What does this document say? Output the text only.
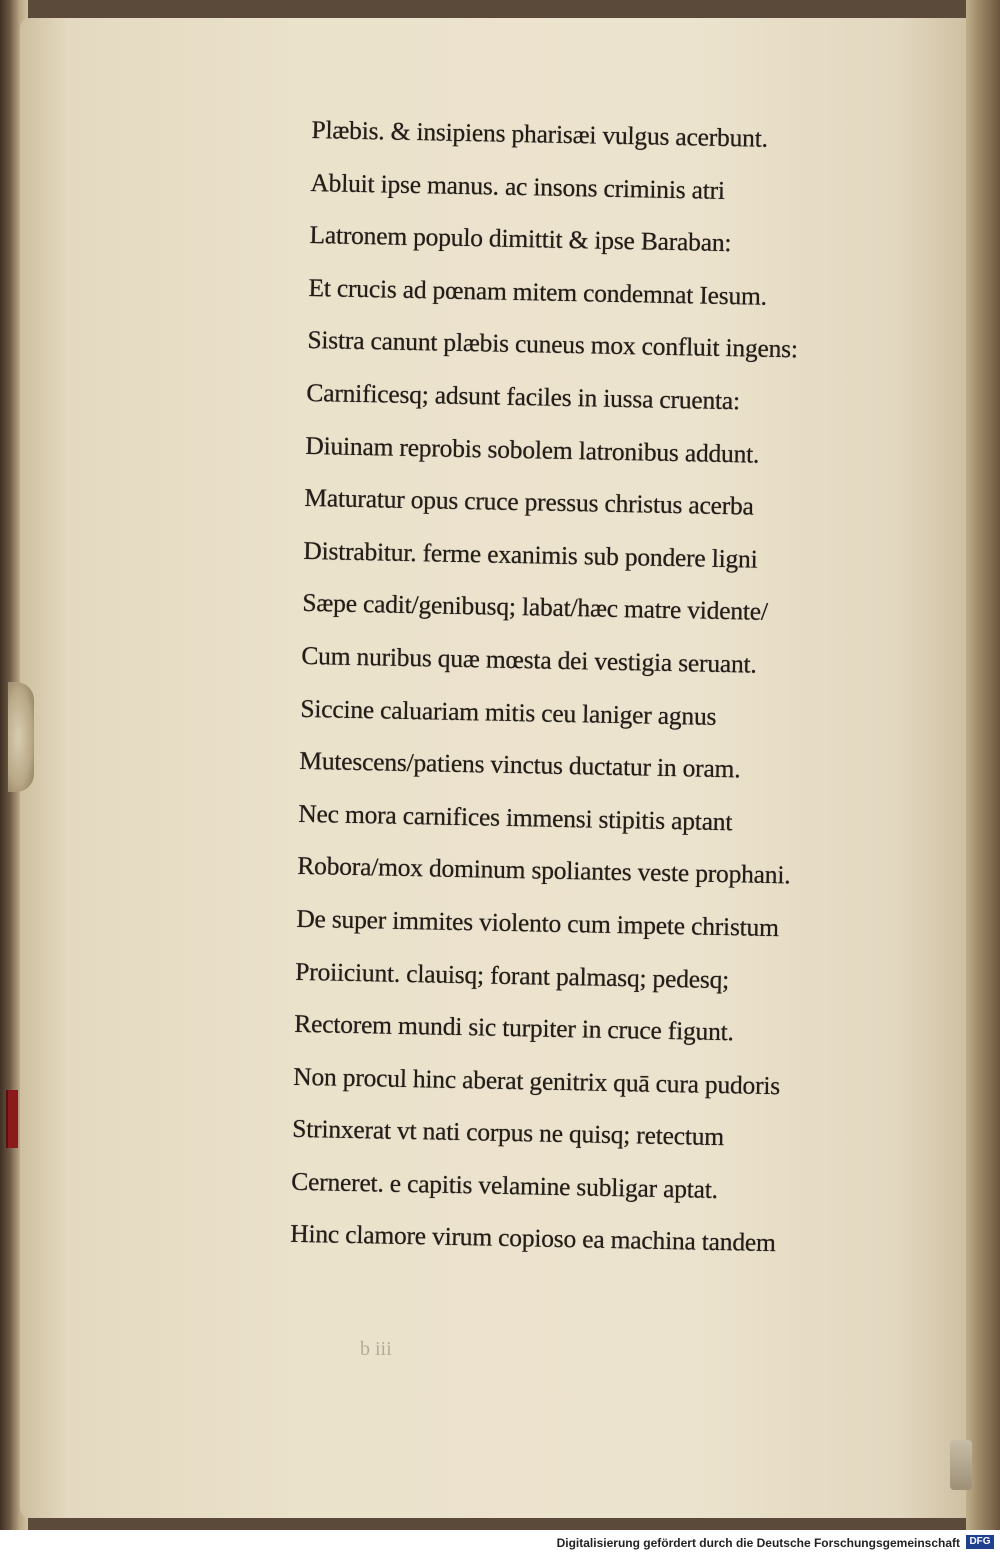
Plæbis. & insipiens pharisæi vulgus acerbunt.
Abluit ipse manus. ac insons criminis atri
Latronem populo dimittit & ipse Baraban:
Et crucis ad pœnam mitem condemnat Iesum.
Sistra canunt plæbis cuneus mox confluit ingens:
Carnificesq; adsunt faciles in iussa cruenta:
Diuinam reprobis sobolem latronibus addunt.
Maturatur opus cruce pressus christus acerba
Distrabitur. ferme exanimis sub pondere ligni
Sæpe cadit/genibusq; labat/hæc matre vidente/
Cum nuribus quæ mœsta dei vestigia seruant.
Siccine caluariam mitis ceu laniger agnus
Mutescens/patiens vinctus ductatur in oram.
Nec mora carnifices immensi stipitis aptant
Robora/mox dominum spoliantes veste prophani.
De super immites violento cum impete christum
Proiiciunt. clauisq; forant palmasq; pedesq;
Rectorem mundi sic turpiter in cruce figunt.
Non procul hinc aberat genitrix quā cura pudoris
Strinxerat vt nati corpus ne quisq; retectum
Cerneret. e capitis velamine subligar aptat.
Hinc clamore virum copioso ea machina tandem
b iii
Digitalisierung gefördert durch die Deutsche Forschungsgemeinschaft DFG
